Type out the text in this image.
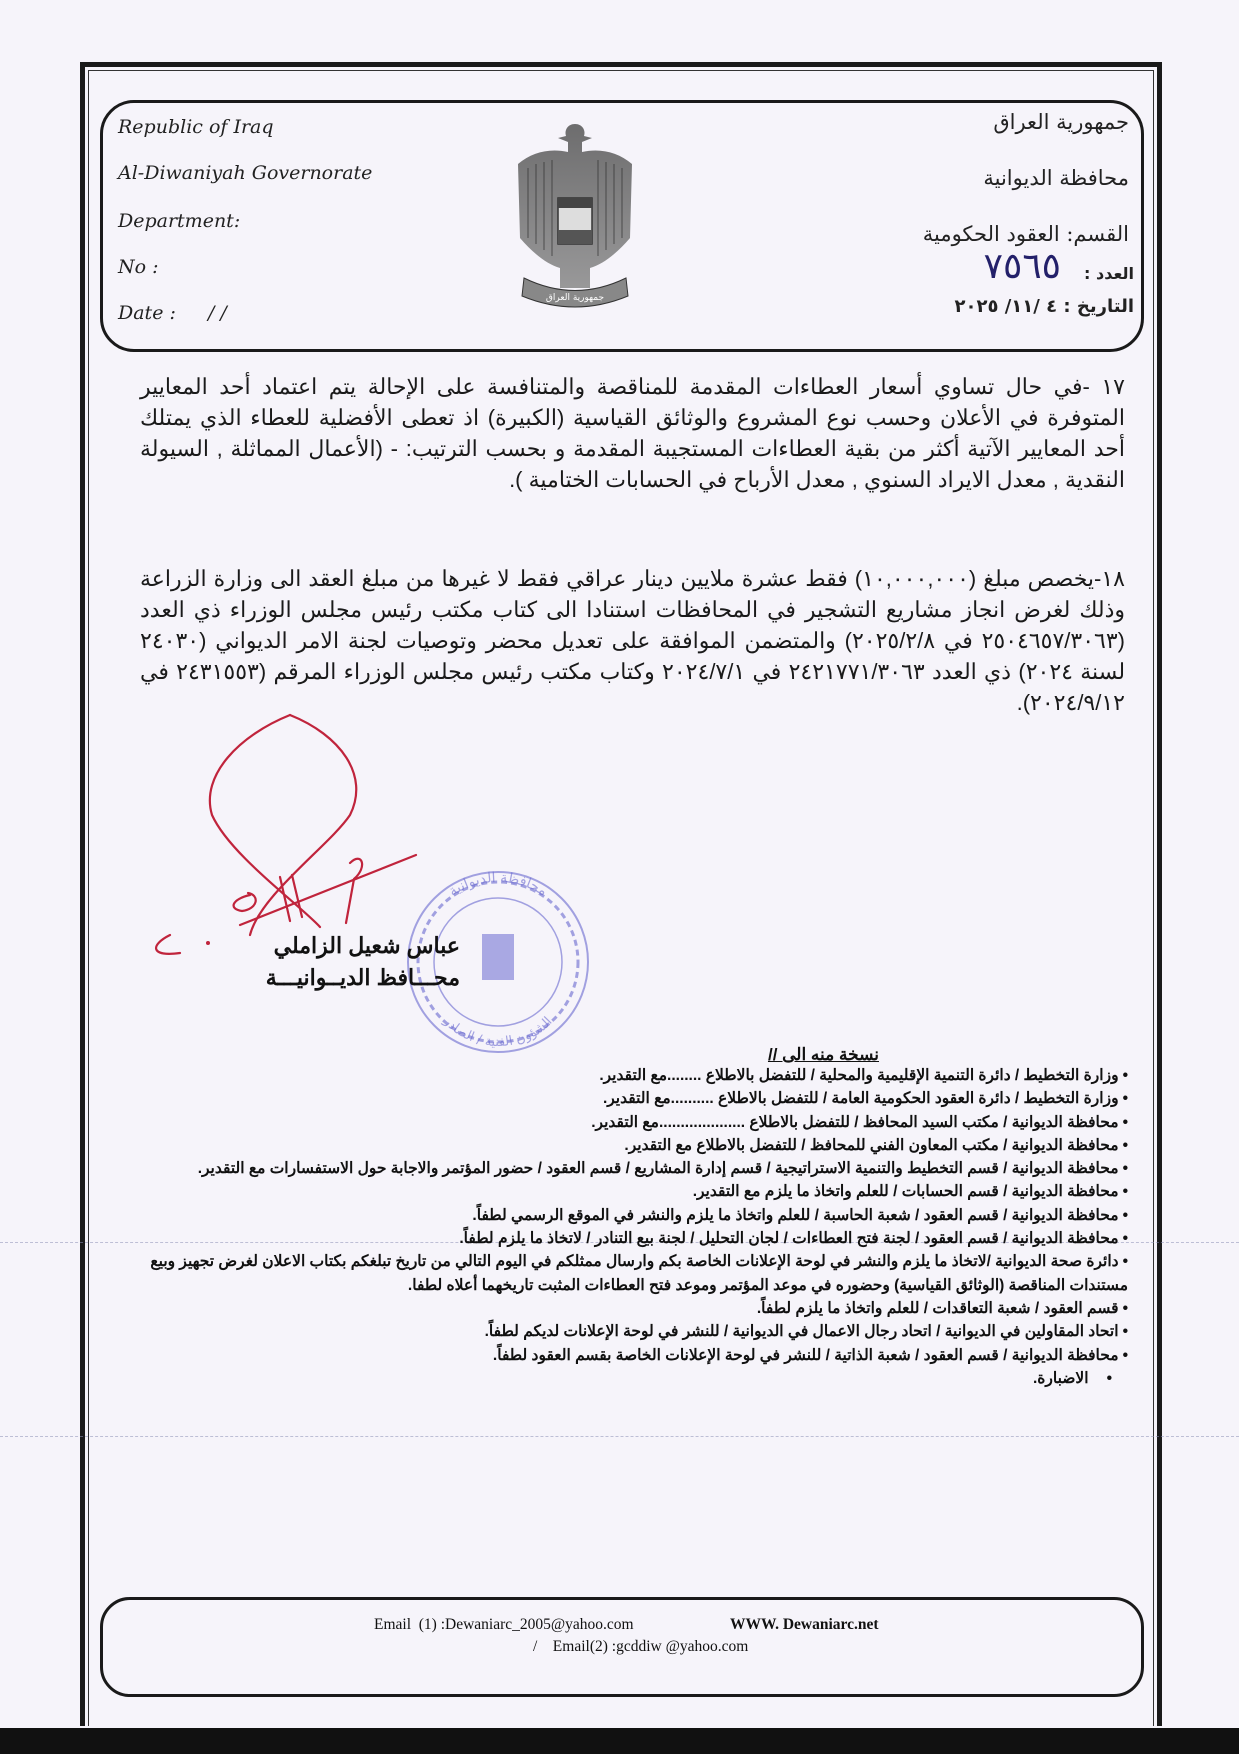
Republic of Iraq
Al-Diwaniyah Governorate
Department:
No :
Date : / /
جمهورية العراق
جمهورية العراق
محافظة الديوانية
القسم: العقود الحكومية
العدد :
٧٥٦٥
التاريخ : ٤ /١١/ ٢٠٢٥
١٧ -في حال تساوي أسعار العطاءات المقدمة للمناقصة والمتنافسة على الإحالة يتم اعتماد أحد المعايير المتوفرة في الأعلان وحسب نوع المشروع والوثائق القياسية (الكبيرة) اذ تعطى الأفضلية للعطاء الذي يمتلك أحد المعايير الآتية أكثر من بقية العطاءات المستجيبة المقدمة و بحسب الترتيب: - (الأعمال المماثلة , السيولة النقدية , معدل الايراد السنوي , معدل الأرباح في الحسابات الختامية ).
١٨-يخصص مبلغ (١٠,٠٠٠,٠٠٠) فقط عشرة ملايين دينار عراقي فقط لا غيرها من مبلغ العقد الى وزارة الزراعة وذلك لغرض انجاز مشاريع التشجير في المحافظات استنادا الى كتاب مكتب رئيس مجلس الوزراء ذي العدد (٢٥٠٤٦٥٧/٣٠٦٣ في ٢٠٢٥/٢/٨) والمتضمن الموافقة على تعديل محضر وتوصيات لجنة الامر الديواني (٢٤٠٣٠ لسنة ٢٠٢٤) ذي العدد ٢٤٢١٧٧١/٣٠٦٣ في ٢٠٢٤/٧/١ وكتاب مكتب رئيس مجلس الوزراء المرقم (٢٤٣١٥٥٣ في ٢٠٢٤/٩/١٢).
محافظة الديوانية
الشؤون الفنية / الصادر
عباس شعيل الزاملي
محـــافظ الديــوانيـــة
نسخة منه الى //
•وزارة التخطيط / دائرة التنمية الإقليمية والمحلية / للتفضل بالاطلاع ........مع التقدير.
•وزارة التخطيط / دائرة العقود الحكومية العامة / للتفضل بالاطلاع ..........مع التقدير.
•محافظة الديوانية / مكتب السيد المحافظ / للتفضل بالاطلاع ....................مع التقدير.
•محافظة الديوانية / مكتب المعاون الفني للمحافظ / للتفضل بالاطلاع مع التقدير.
•محافظة الديوانية / قسم التخطيط والتنمية الاستراتيجية / قسم إدارة المشاريع / قسم العقود / حضور المؤتمر والاجابة حول الاستفسارات مع التقدير.
•محافظة الديوانية / قسم الحسابات / للعلم واتخاذ ما يلزم مع التقدير.
•محافظة الديوانية / قسم العقود / شعبة الحاسبة / للعلم واتخاذ ما يلزم والنشر في الموقع الرسمي لطفاً.
•محافظة الديوانية / قسم العقود / لجنة فتح العطاءات / لجان التحليل / لجنة بيع التنادر / لاتخاذ ما يلزم لطفاً.
•دائرة صحة الديوانية /لاتخاذ ما يلزم والنشر في لوحة الإعلانات الخاصة بكم وارسال ممثلكم في اليوم التالي من تاريخ تبلغكم بكتاب الاعلان لغرض تجهيز وبيع مستندات المناقصة (الوثائق القياسية) وحضوره في موعد المؤتمر وموعد فتح العطاءات المثبت تاريخهما أعلاه لطفا.
•قسم العقود / شعبة التعاقدات / للعلم واتخاذ ما يلزم لطفاً.
•اتحاد المقاولين في الديوانية / اتحاد رجال الاعمال في الديوانية / للنشر في لوحة الإعلانات لديكم لطفاً.
•محافظة الديوانية / قسم العقود / شعبة الذاتية / للنشر في لوحة الإعلانات الخاصة بقسم العقود لطفاً.
•الاضبارة.
Email  (1) :Dewaniarc_2005@yahoo.com	WWW. Dewaniarc.net
/    Email(2) :gcddiw @yahoo.com
